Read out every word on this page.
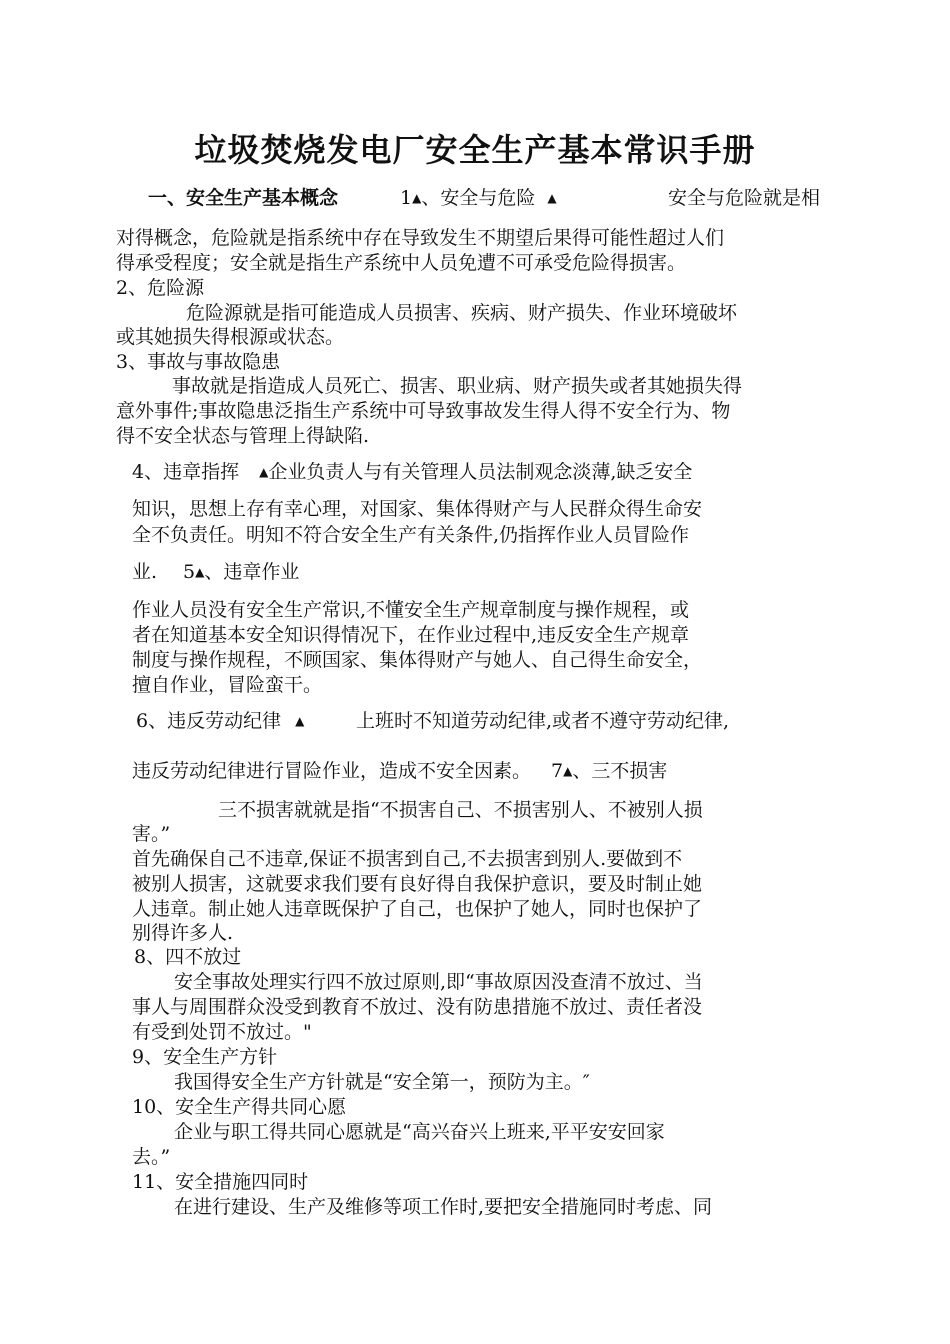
垃圾焚烧发电厂安全生产基本常识手册
一、安全生产基本概念	1▲、安全与危险 ▲	安全与危险就是相
对得概念，危险就是指系统中存在导致发生不期望后果得可能性超过人们
得承受程度；安全就是指生产系统中人员免遭不可承受危险得损害。
2、危险源
危险源就是指可能造成人员损害、疾病、财产损失、作业环境破坏
或其她损失得根源或状态。
3、事故与事故隐患
事故就是指造成人员死亡、损害、职业病、财产损失或者其她损失得
意外事件;事故隐患泛指生产系统中可导致事故发生得人得不安全行为、物
得不安全状态与管理上得缺陷.
4、违章指挥 ▲企业负责人与有关管理人员法制观念淡薄,缺乏安全
知识，思想上存有幸心理，对国家、集体得财产与人民群众得生命安
全不负责任。明知不符合安全生产有关条件,仍指挥作业人员冒险作
业. 5▲、违章作业
作业人员没有安全生产常识,不懂安全生产规章制度与操作规程，或
者在知道基本安全知识得情况下，在作业过程中,违反安全生产规章
制度与操作规程，不顾国家、集体得财产与她人、自己得生命安全，
擅自作业，冒险蛮干。
6、违反劳动纪律 ▲	上班时不知道劳动纪律,或者不遵守劳动纪律,
违反劳动纪律进行冒险作业，造成不安全因素。 7▲、三不损害
三不损害就就是指“不损害自己、不损害别人、不被别人损
害。”
首先确保自己不违章,保证不损害到自己,不去损害到别人.要做到不
被别人损害，这就要求我们要有良好得自我保护意识，要及时制止她
人违章。制止她人违章既保护了自己，也保护了她人，同时也保护了
别得许多人.
8、四不放过
安全事故处理实行四不放过原则,即“事故原因没查清不放过、当
事人与周围群众没受到教育不放过、没有防患措施不放过、责任者没
有受到处罚不放过。"
9、安全生产方针
我国得安全生产方针就是“安全第一，预防为主。″
10、安全生产得共同心愿
企业与职工得共同心愿就是“高兴奋兴上班来,平平安安回家
去。”
11、安全措施四同时
在进行建设、生产及维修等项工作时,要把安全措施同时考虑、同
